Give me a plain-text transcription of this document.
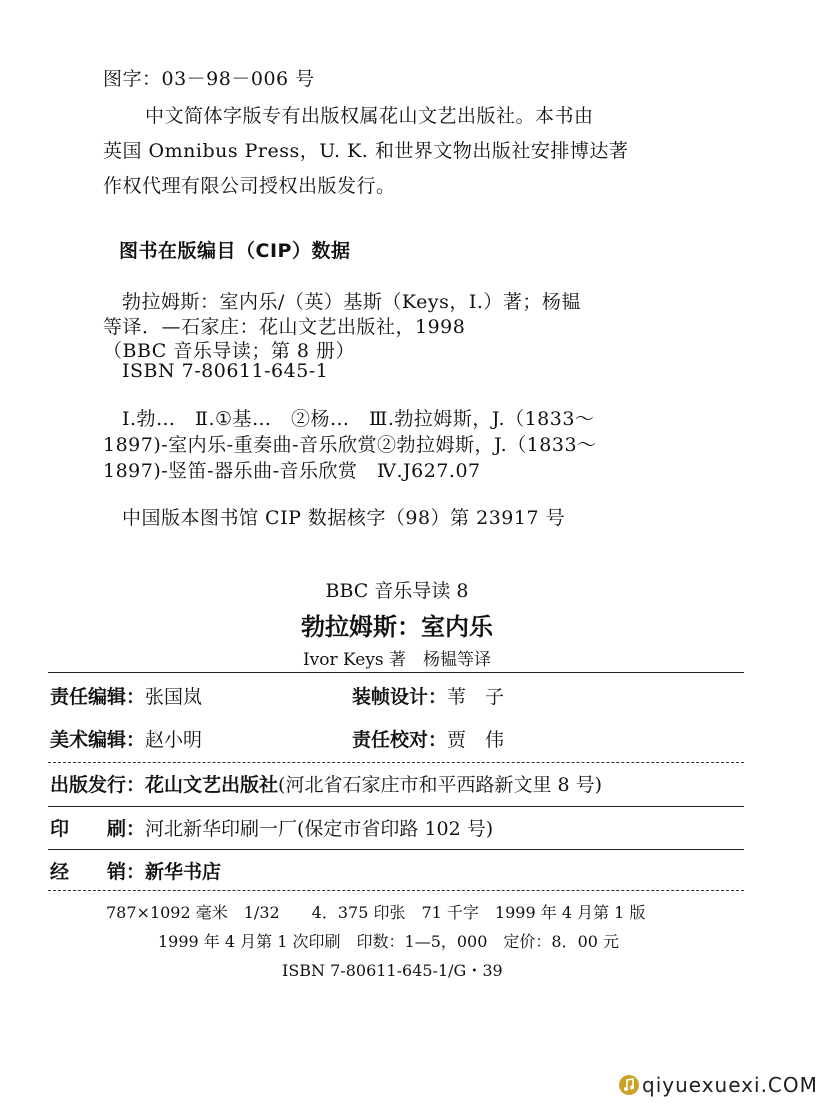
图字：03－98－006 号
中文简体字版专有出版权属花山文艺出版社。本书由
英国 Omnibus Press，U. K. 和世界文物出版社安排博达著
作权代理有限公司授权出版发行。
图书在版编目（CIP）数据
勃拉姆斯：室内乐/（英）基斯（Keys，I.）著；杨韫
等译．—石家庄：花山文艺出版社，1998
（BBC 音乐导读；第 8 册）
ISBN 7-80611-645-1
Ⅰ.勃…　Ⅱ.①基…　②杨…　Ⅲ.勃拉姆斯，J.（1833～
1897)-室内乐-重奏曲-音乐欣赏②勃拉姆斯，J.（1833～
1897)-竖笛-器乐曲-音乐欣赏　Ⅳ.J627.07
中国版本图书馆 CIP 数据核字（98）第 23917 号
BBC 音乐导读 8
勃拉姆斯：室内乐
Ivor Keys 著　杨韫等译
责任编辑：张国岚	装帧设计：苇　子
美术编辑：赵小明	责任校对：贾　伟
出版发行：花山文艺出版社(河北省石家庄市和平西路新文里 8 号)
印　　刷：河北新华印刷一厂(保定市省印路 102 号)
经　　销：新华书店
787×1092 毫米　1/32　　4．375 印张　71 千字　1999 年 4 月第 1 版
1999 年 4 月第 1 次印刷　印数：1—5，000　定价：8．00 元
ISBN 7-80611-645-1/G・39
qiyuexuexi.COM
